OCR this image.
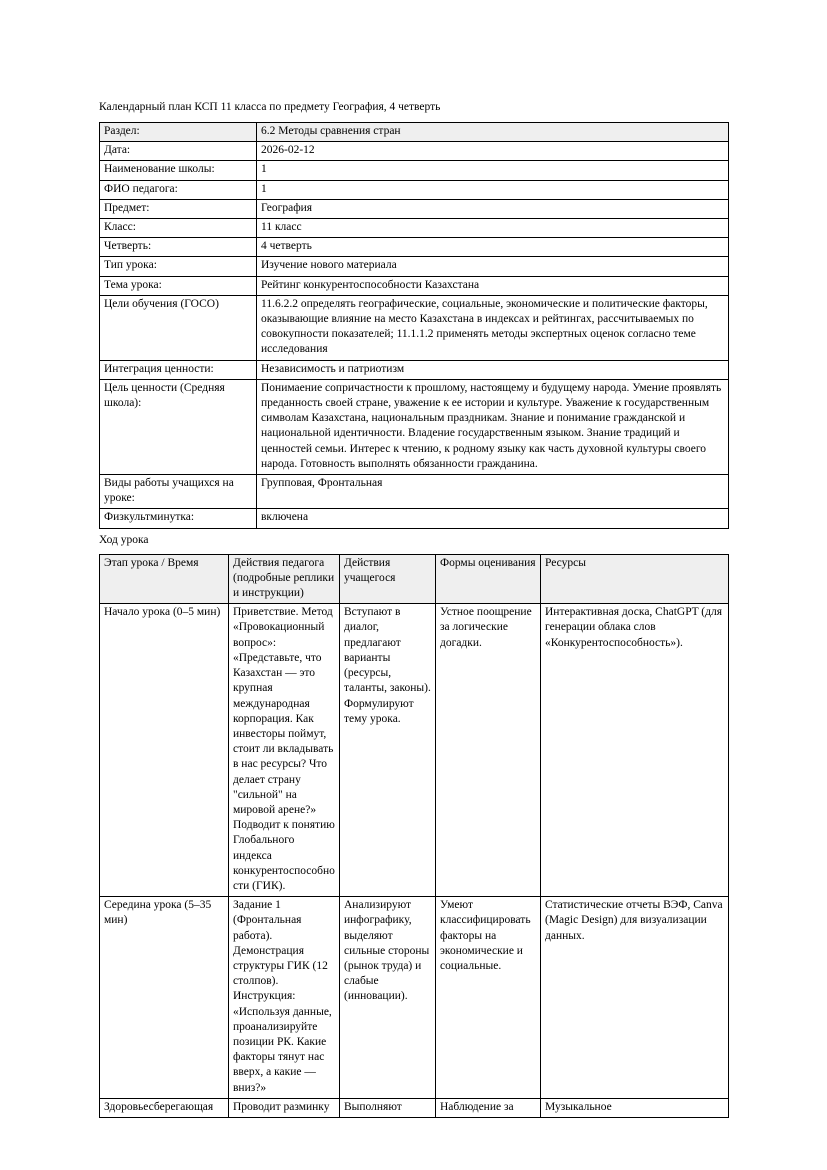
Календарный план КСП 11 класса по предмету География, 4 четверть

Раздел:	6.2 Методы сравнения стран
Дата:	2026-02-12
Наименование школы:	1
ФИО педагога:	1
Предмет:	География
Класс:	11 класс
Четверть:	4 четверть
Тип урока:	Изучение нового материала
Тема урока:	Рейтинг конкурентоспособности Казахстана
Цели обучения (ГОСО)	11.6.2.2 определять географические, социальные, экономические и политические факторы, оказывающие влияние на место Казахстана в индексах и рейтингах, рассчитываемых по совокупности показателей; 11.1.1.2 применять методы экспертных оценок согласно теме исследования
Интеграция ценности:	Независимость и патриотизм
Цель ценности (Средняя школа):	Понимаение сопричастности к прошлому, настоящему и будущему народа. Умение проявлять преданность своей стране, уважение к ее истории и культуре. Уважение к государственным символам Казахстана, национальным праздникам. Знание и понимание гражданской и национальной идентичности. Владение государственным языком. Знание традиций и ценностей семьи. Интерес к чтению, к родному языку как часть духовной культуры своего народа. Готовность выполнять обязанности гражданина.
Виды работы учащихся на уроке:	Групповая, Фронтальная
Физкультминутка:	включена

Ход урока

Этап урока / Время	Действия педагога (подробные реплики и инструкции)	Действия учащегося	Формы оценивания	Ресурсы
Начало урока (0–5 мин)	Приветствие. Метод «Провокационный вопрос»: «Представьте, что Казахстан — это крупная международная корпорация. Как инвесторы поймут, стоит ли вкладывать в нас ресурсы? Что делает страну "сильной" на мировой арене?» Подводит к понятию Глобального индекса конкурентоспособности (ГИК).	Вступают в диалог, предлагают варианты (ресурсы, таланты, законы). Формулируют тему урока.	Устное поощрение за логические догадки.	Интерактивная доска, ChatGPT (для генерации облака слов «Конкурентоспособность»).
Середина урока (5–35 мин)	Задание 1 (Фронтальная работа). Демонстрация структуры ГИК (12 столпов). Инструкция: «Используя данные, проанализируйте позиции РК. Какие факторы тянут нас вверх, а какие — вниз?»	Анализируют инфографику, выделяют сильные стороны (рынок труда) и слабые (инновации).	Умеют классифицировать факторы на экономические и социальные.	Статистические отчеты ВЭФ, Canva (Magic Design) для визуализации данных.
Здоровьесберегающая	Проводит разминку	Выполняют	Наблюдение за	Музыкальное
